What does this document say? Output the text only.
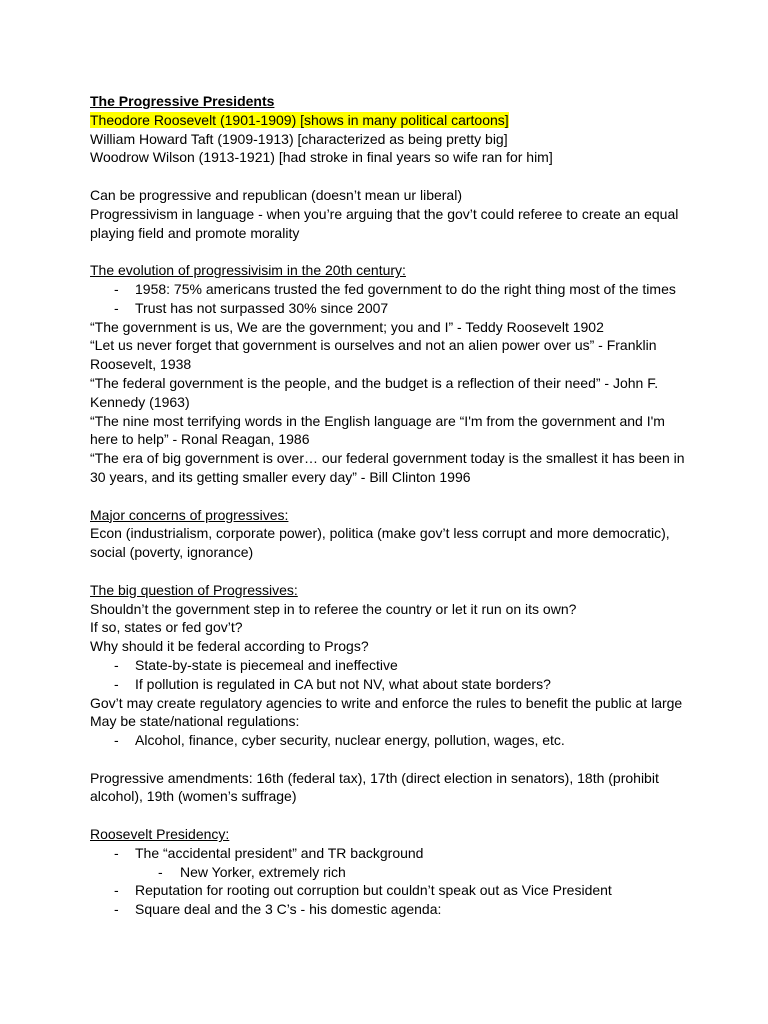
The Progressive Presidents
Theodore Roosevelt (1901-1909) [shows in many political cartoons]
William Howard Taft (1909-1913) [characterized as being pretty big]
Woodrow Wilson (1913-1921) [had stroke in final years so wife ran for him]
Can be progressive and republican (doesn’t mean ur liberal)
Progressivism in language - when you’re arguing that the gov’t could referee to create an equal
playing field and promote morality
The evolution of progressivisim in the 20th century:
- 1958: 75% americans trusted the fed government to do the right thing most of the times
- Trust has not surpassed 30% since 2007
“The government is us, We are the government; you and I” - Teddy Roosevelt 1902
“Let us never forget that government is ourselves and not an alien power over us” - Franklin
Roosevelt, 1938
“The federal government is the people, and the budget is a reflection of their need” - John F.
Kennedy (1963)
“The nine most terrifying words in the English language are “I'm from the government and I'm
here to help” - Ronal Reagan, 1986
“The era of big government is over… our federal government today is the smallest it has been in
30 years, and its getting smaller every day” - Bill Clinton 1996
Major concerns of progressives:
Econ (industrialism, corporate power), politica (make gov’t less corrupt and more democratic),
social (poverty, ignorance)
The big question of Progressives:
Shouldn’t the government step in to referee the country or let it run on its own?
If so, states or fed gov’t?
Why should it be federal according to Progs?
- State-by-state is piecemeal and ineffective
- If pollution is regulated in CA but not NV, what about state borders?
Gov’t may create regulatory agencies to write and enforce the rules to benefit the public at large
May be state/national regulations:
- Alcohol, finance, cyber security, nuclear energy, pollution, wages, etc.
Progressive amendments: 16th (federal tax), 17th (direct election in senators), 18th (prohibit
alcohol), 19th (women’s suffrage)
Roosevelt Presidency:
- The “accidental president” and TR background
- New Yorker, extremely rich
- Reputation for rooting out corruption but couldn’t speak out as Vice President
- Square deal and the 3 C’s - his domestic agenda:
